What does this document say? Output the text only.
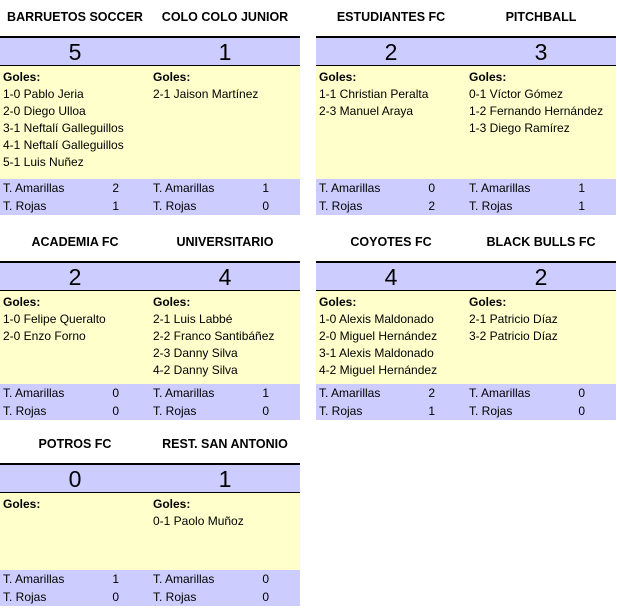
BARRUETOS SOCCER	COLO COLO JUNIOR
5	1
Goles:
1-0 Pablo Jeria
2-0 Diego Ulloa
3-1 Neftalí Galleguillos
4-1 Neftalí Galleguillos
5-1 Luis Nuñez
Goles:
2-1 Jaison Martínez
T. Amarillas	2
T. Rojas	1
T. Amarillas	1
T. Rojas	0
ESTUDIANTES FC	PITCHBALL
2	3
Goles:
1-1 Christian Peralta
2-3 Manuel Araya
Goles:
0-1 Víctor Gómez
1-2 Fernando Hernández
1-3 Diego Ramírez
T. Amarillas	0
T. Rojas	2
T. Amarillas	1
T. Rojas	1
ACADEMIA FC	UNIVERSITARIO
2	4
Goles:
1-0 Felipe Queralto
2-0 Enzo Forno
Goles:
2-1 Luis Labbé
2-2 Franco Santibáñez
2-3 Danny Silva
4-2 Danny Silva
T. Amarillas	0
T. Rojas	0
T. Amarillas	1
T. Rojas	0
COYOTES FC	BLACK BULLS FC
4	2
Goles:
1-0 Alexis Maldonado
2-0 Miguel Hernández
3-1 Alexis Maldonado
4-2 Miguel Hernández
Goles:
2-1 Patricio Díaz
3-2 Patricio Díaz
T. Amarillas	2
T. Rojas	1
T. Amarillas	0
T. Rojas	0
POTROS FC	REST. SAN ANTONIO
0	1
Goles:	Goles:
0-1 Paolo Muñoz
T. Amarillas	1
T. Rojas	0
T. Amarillas	0
T. Rojas	0
